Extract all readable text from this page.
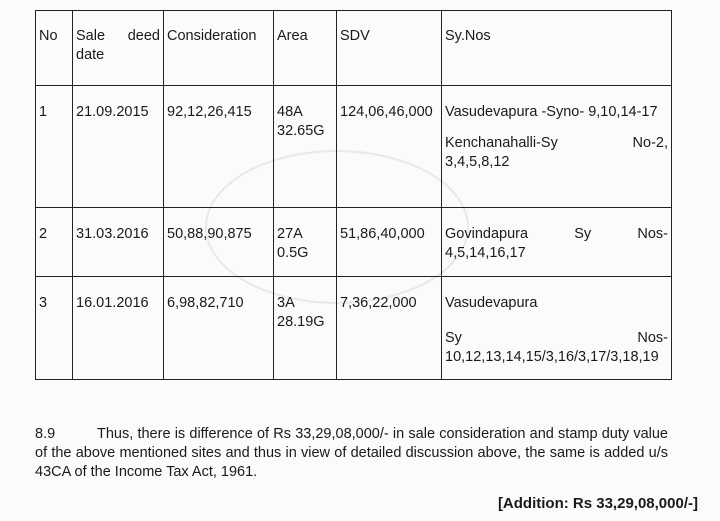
No	Sale deed date	Consideration	Area	SDV	Sy.Nos
1	21.09.2015	92,12,26,415	48A 32.65G	124,06,46,000	Vasudevapura -Syno- 9,10,14-17
Kenchanahalli-Sy No-2,
3,4,5,8,12

2	31.03.2016	50,88,90,875	27A 0.5G	51,86,40,000	Govindapura Sy Nos-
4,5,14,16,17

3	16.01.2016	6,98,82,710	3A 28.19G	7,36,22,000	Vasudevapura
Sy Nos-
10,12,13,14,15/3,16/3,17/3,18,19

8.9	Thus, there is difference of Rs 33,29,08,000/- in sale consideration and stamp duty value of the above mentioned sites and thus in view of detailed discussion above, the same is added u/s 43CA of the Income Tax Act, 1961.

[Addition: Rs 33,29,08,000/-]
